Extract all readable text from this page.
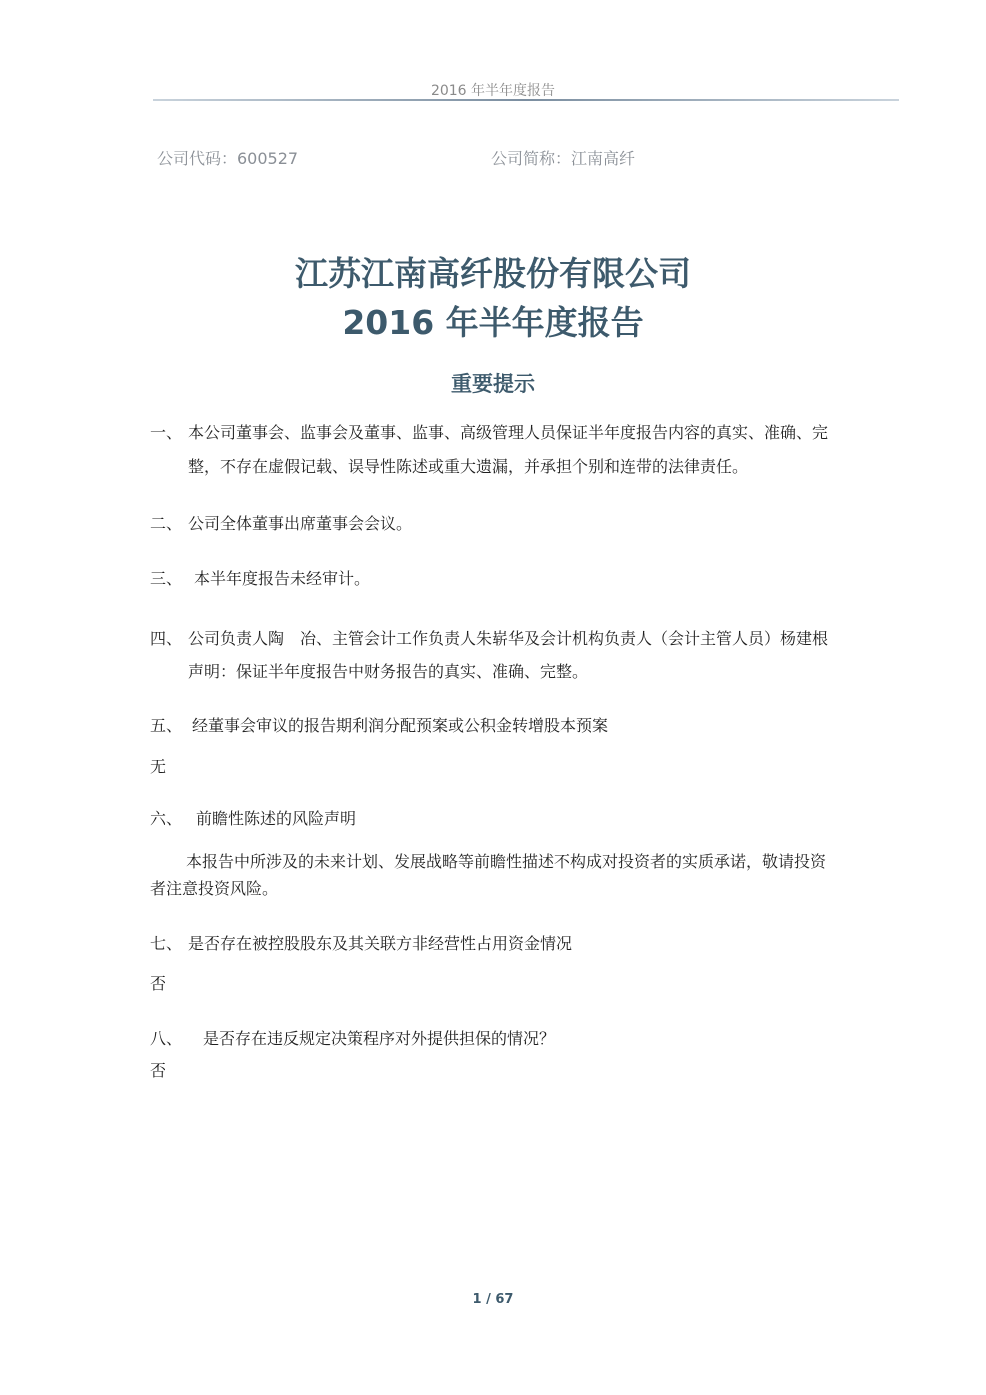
2016 年半年度报告
公司代码：600527	公司简称：江南高纤
江苏江南高纤股份有限公司
2016 年半年度报告
重要提示
一、 本公司董事会、监事会及董事、监事、高级管理人员保证半年度报告内容的真实、准确、完
整，不存在虚假记载、误导性陈述或重大遗漏，并承担个别和连带的法律责任。
二、 公司全体董事出席董事会会议。
三、 本半年度报告未经审计。
四、 公司负责人陶　冶、主管会计工作负责人朱崭华及会计机构负责人（会计主管人员）杨建根
声明：保证半年度报告中财务报告的真实、准确、完整。
五、 经董事会审议的报告期利润分配预案或公积金转增股本预案
无
六、 前瞻性陈述的风险声明
本报告中所涉及的未来计划、发展战略等前瞻性描述不构成对投资者的实质承诺，敬请投资
者注意投资风险。
七、 是否存在被控股股东及其关联方非经营性占用资金情况
否
八、 是否存在违反规定决策程序对外提供担保的情况？
否
1 / 67
